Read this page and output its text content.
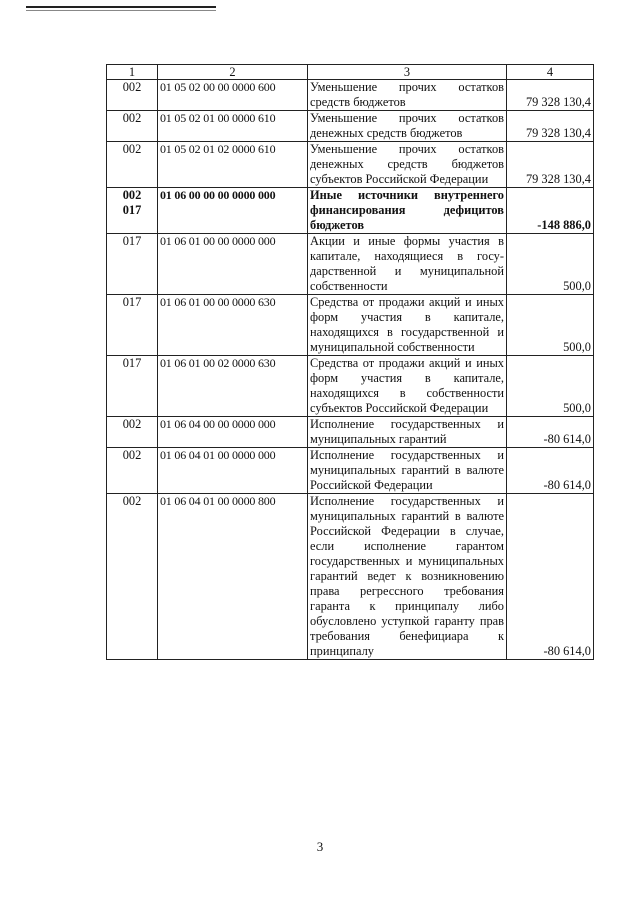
1	2	3	4
002	01 05 02 00 00 0000 600	Уменьшение прочих остатков средств бюджетов	79 328 130,4
002	01 05 02 01 00 0000 610	Уменьшение прочих остатков денежных средств бюджетов	79 328 130,4
002	01 05 02 01 02 0000 610	Уменьшение прочих остатков денежных средств бюджетов субъектов Российской Федерации	79 328 130,4
002 017	01 06 00 00 00 0000 000	Иные источники внутреннего финансирования дефицитов бюджетов	-148 886,0
017	01 06 01 00 00 0000 000	Акции и иные формы участия в капитале, находящиеся в государственной и муниципальной собственности	500,0
017	01 06 01 00 00 0000 630	Средства от продажи акций и иных форм участия в капитале, находящихся в государственной и муниципальной собственности	500,0
017	01 06 01 00 02 0000 630	Средства от продажи акций и иных форм участия в капитале, находящихся в собственности субъектов Российской Федерации	500,0
002	01 06 04 00 00 0000 000	Исполнение государственных и муниципальных гарантий	-80 614,0
002	01 06 04 01 00 0000 000	Исполнение государственных и муниципальных гарантий в валюте Российской Федерации	-80 614,0
002	01 06 04 01 00 0000 800	Исполнение государственных и муниципальных гарантий в валюте Российской Федерации в случае, если исполнение гарантом государственных и муниципальных гарантий ведет к возникновению права регрессного требования гаранта к принципалу либо обусловлено уступкой гаранту прав требования бенефициара к принципалу	-80 614,0
3
